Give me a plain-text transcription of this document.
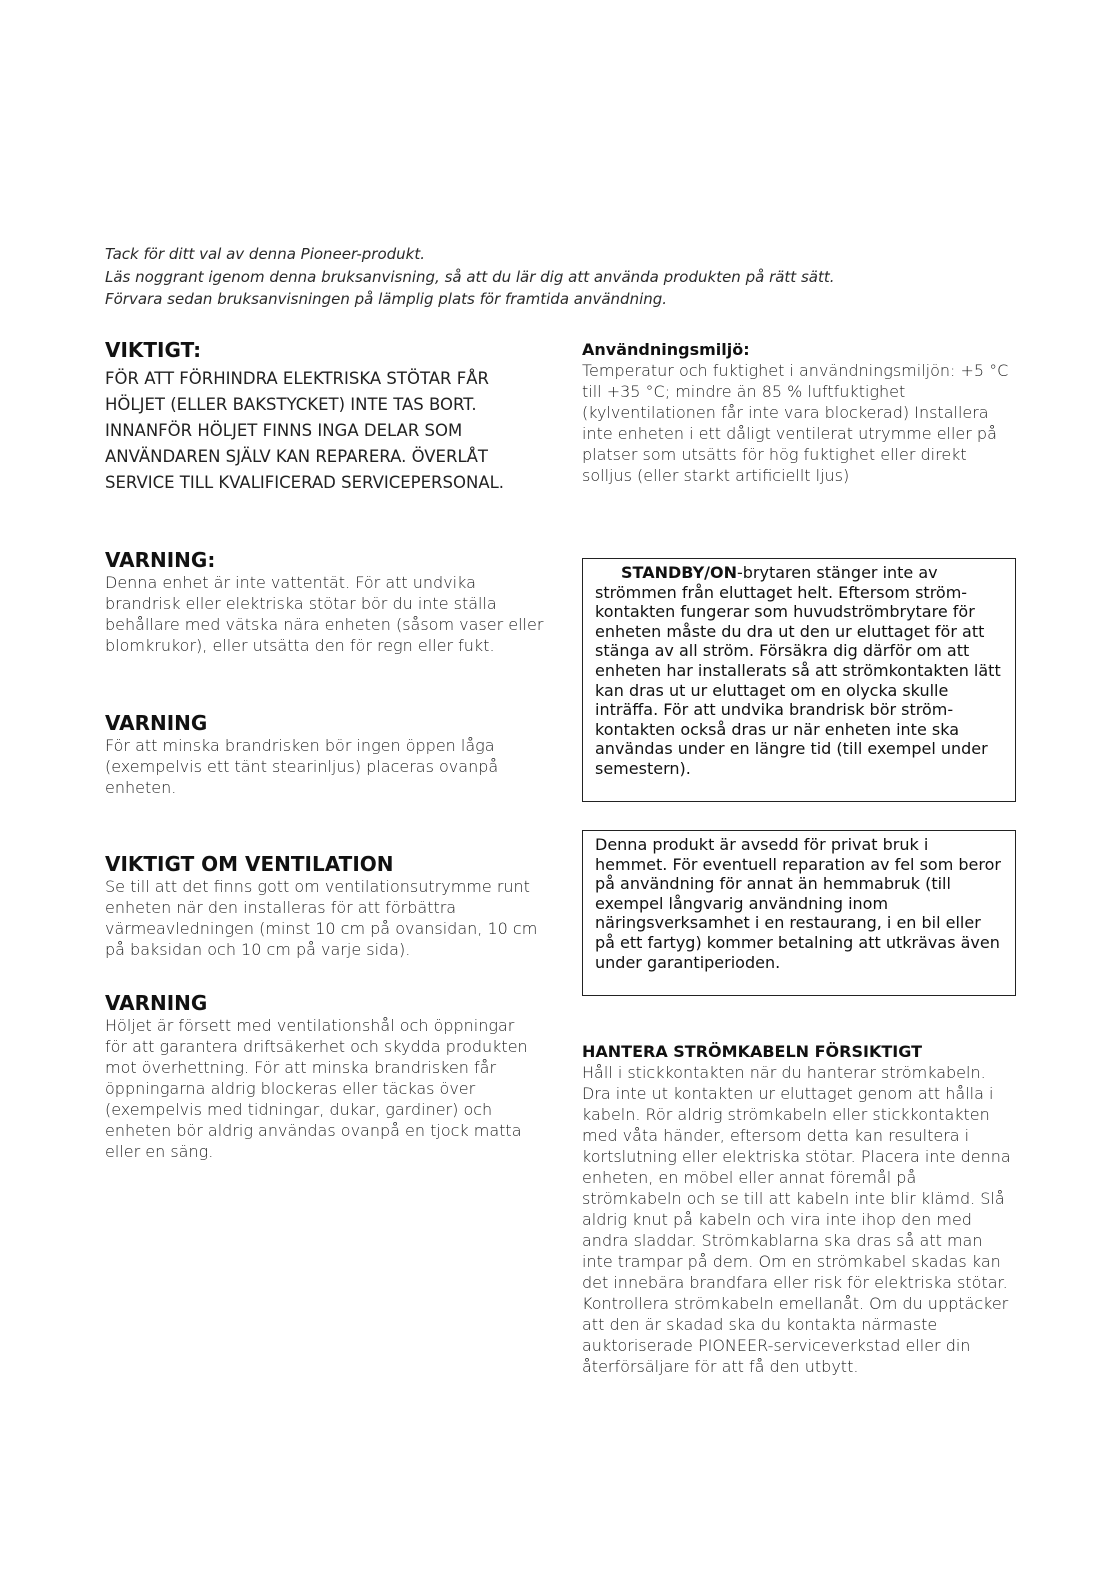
Tack för ditt val av denna Pioneer-produkt.
Läs noggrant igenom denna bruksanvisning, så att du lär dig att använda produkten på rätt sätt.
Förvara sedan bruksanvisningen på lämplig plats för framtida användning.

VIKTIGT:

FÖR ATT FÖRHINDRA ELEKTRISKA STÖTAR FÅR HÖLJET (ELLER BAKSTYCKET) INTE TAS BORT. INNANFÖR HÖLJET FINNS INGA DELAR SOM ANVÄNDAREN SJÄLV KAN REPARERA. ÖVERLÅT SERVICE TILL KVALIFICERAD SERVICEPERSONAL.

Användningsmiljö:

Temperatur och fuktighet i användningsmiljön: +5 °C till +35 °C; mindre än 85 % luftfuktighet (kylventilationen får inte vara blockerad) Installera inte enheten i ett dåligt ventilerat utrymme eller på platser som utsätts för hög fuktighet eller direkt solljus (eller starkt artificiellt ljus)

VARNING:

Denna enhet är inte vattentät. För att undvika brandrisk eller elektriska stötar bör du inte ställa behållare med vätska nära enheten (såsom vaser eller blomkrukor), eller utsätta den för regn eller fukt.

STANDBY/ON-brytaren stänger inte av strömmen från eluttaget helt. Eftersom ström-kontakten fungerar som huvudströmbrytare för enheten måste du dra ut den ur eluttaget för att stänga av all ström. Försäkra dig därför om att enheten har installerats så att strömkontakten lätt kan dras ut ur eluttaget om en olycka skulle inträffa. För att undvika brandrisk bör ström-kontakten också dras ur när enheten inte ska användas under en längre tid (till exempel under semestern).

VARNING

För att minska brandrisken bör ingen öppen låga (exempelvis ett tänt stearinljus) placeras ovanpå enheten.

Denna produkt är avsedd för privat bruk i hemmet. För eventuell reparation av fel som beror på användning för annat än hemmabruk (till exempel långvarig användning inom näringsverksamhet i en restaurang, i en bil eller på ett fartyg) kommer betalning att utkrävas även under garantiperioden.

VIKTIGT OM VENTILATION

Se till att det finns gott om ventilationsutrymme runt enheten när den installeras för att förbättra värmeavledningen (minst 10 cm på ovansidan, 10 cm på baksidan och 10 cm på varje sida).

VARNING

Höljet är försett med ventilationshål och öppningar för att garantera driftsäkerhet och skydda produkten mot överhettning. För att minska brandrisken får öppningarna aldrig blockeras eller täckas över (exempelvis med tidningar, dukar, gardiner) och enheten bör aldrig användas ovanpå en tjock matta eller en säng.

HANTERA STRÖMKABELN FÖRSIKTIGT

Håll i stickkontakten när du hanterar strömkabeln. Dra inte ut kontakten ur eluttaget genom att hålla i kabeln. Rör aldrig strömkabeln eller stickkontakten med våta händer, eftersom detta kan resultera i kortslutning eller elektriska stötar. Placera inte denna enheten, en möbel eller annat föremål på strömkabeln och se till att kabeln inte blir klämd. Slå aldrig knut på kabeln och vira inte ihop den med andra sladdar. Strömkablarna ska dras så att man inte trampar på dem. Om en strömkabel skadas kan det innebära brandfara eller risk för elektriska stötar. Kontrollera strömkabeln emellanåt. Om du upptäcker att den är skadad ska du kontakta närmaste auktoriserade PIONEER-serviceverkstad eller din återförsäljare för att få den utbytt.
